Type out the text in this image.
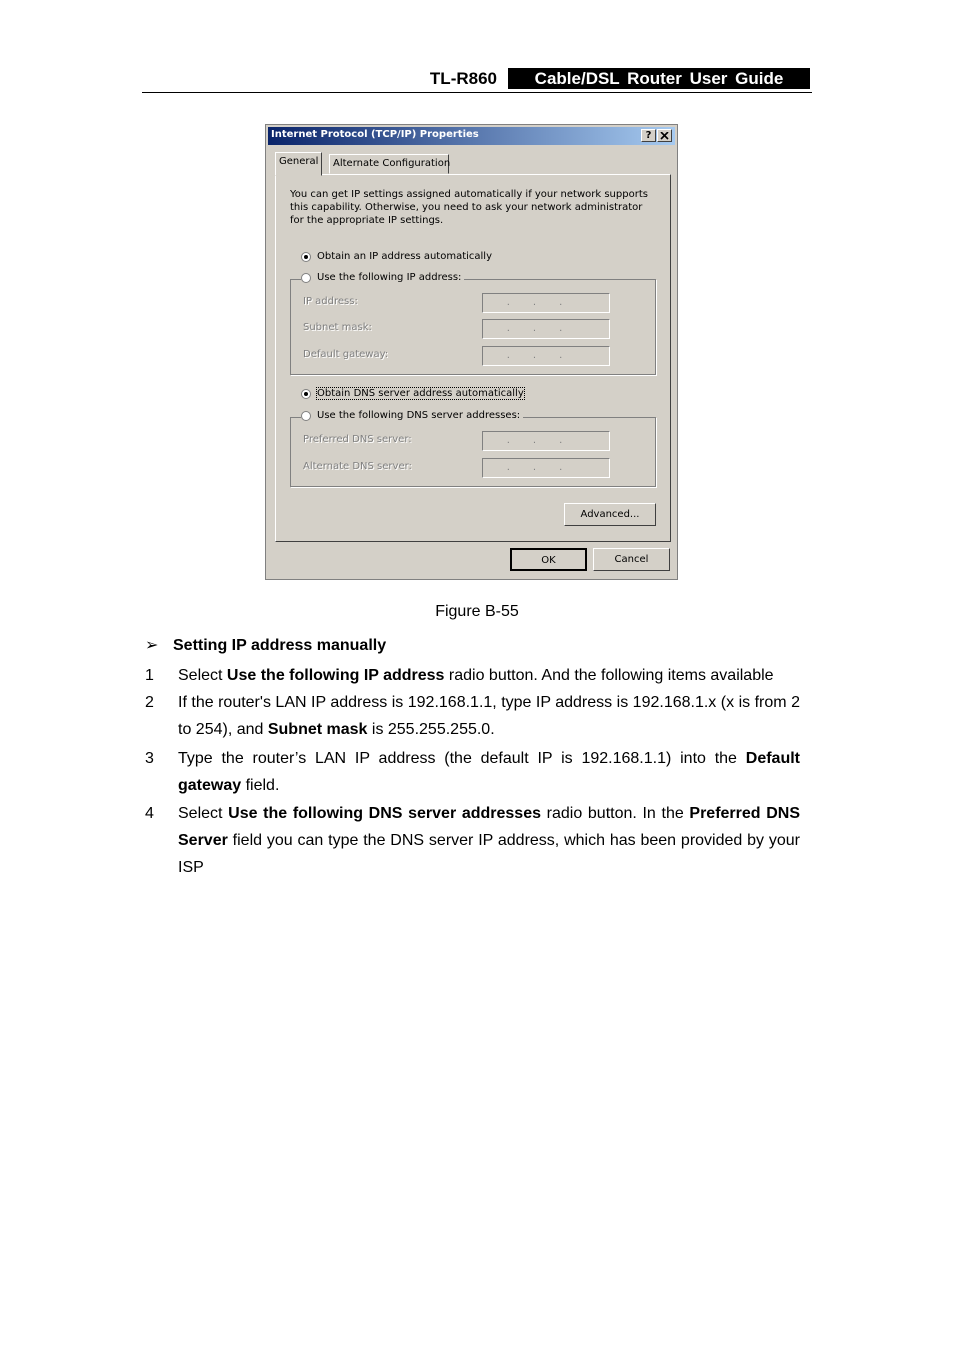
TL-R860	Cable/DSL Router User Guide
Internet Protocol (TCP/IP) Properties	?
General	Alternate Configuration
You can get IP settings assigned automatically if your network supports this capability. Otherwise, you need to ask your network administrator for the appropriate IP settings.
Obtain an IP address automatically
Use the following IP address:
IP address:	...
Subnet mask:	...
Default gateway:	...
Obtain DNS server address automatically
Use the following DNS server addresses:
Preferred DNS server:	...
Alternate DNS server:	...
Advanced...
OK	Cancel
Figure B-55
➢ Setting IP address manually
1 Select Use the following IP address radio button. And the following items available
2 If the router's LAN IP address is 192.168.1.1, type IP address is 192.168.1.x (x is from 2 to 254), and Subnet mask is 255.255.255.0.
3 Type the router’s LAN IP address (the default IP is 192.168.1.1) into the Default gateway field.
4 Select Use the following DNS server addresses radio button. In the Preferred DNS Server field you can type the DNS server IP address, which has been provided by your ISP
